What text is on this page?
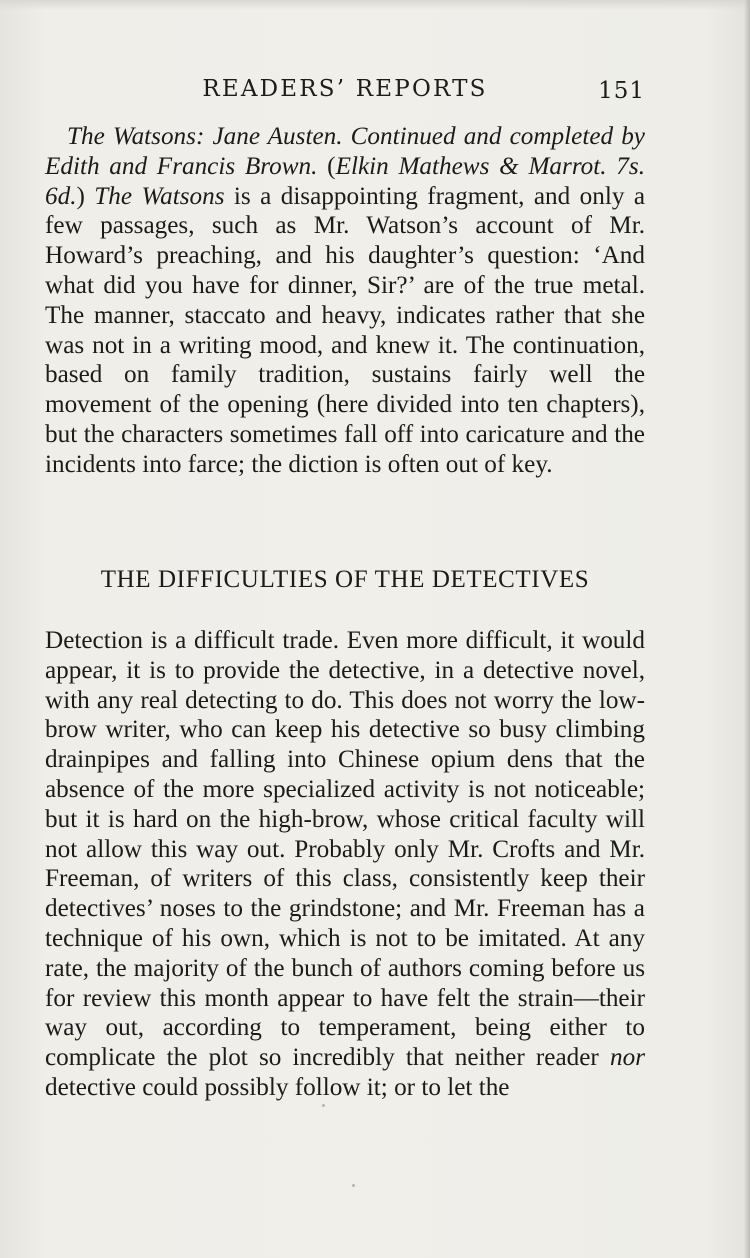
READERS’ REPORTS	151

The Watsons: Jane Austen. Continued and completed by Edith and Francis Brown. (Elkin Mathews & Marrot. 7s. 6d.) The Watsons is a disappointing fragment, and only a few passages, such as Mr. Watson’s account of Mr. Howard’s preaching, and his daughter’s question: ‘And what did you have for dinner, Sir?’ are of the true metal. The manner, staccato and heavy, indicates rather that she was not in a writing mood, and knew it. The continuation, based on family tradition, sustains fairly well the movement of the opening (here divided into ten chapters), but the characters sometimes fall off into caricature and the incidents into farce; the diction is often out of key.

THE DIFFICULTIES OF THE DETECTIVES

Detection is a difficult trade. Even more difficult, it would appear, it is to provide the detective, in a detective novel, with any real detecting to do. This does not worry the low-brow writer, who can keep his detective so busy climbing drainpipes and falling into Chinese opium dens that the absence of the more specialized activity is not noticeable; but it is hard on the high-brow, whose critical faculty will not allow this way out. Probably only Mr. Crofts and Mr. Freeman, of writers of this class, consistently keep their detectives’ noses to the grindstone; and Mr. Freeman has a technique of his own, which is not to be imitated. At any rate, the majority of the bunch of authors coming before us for review this month appear to have felt the strain—their way out, according to temperament, being either to complicate the plot so incredibly that neither reader nor detective could possibly follow it; or to let the
